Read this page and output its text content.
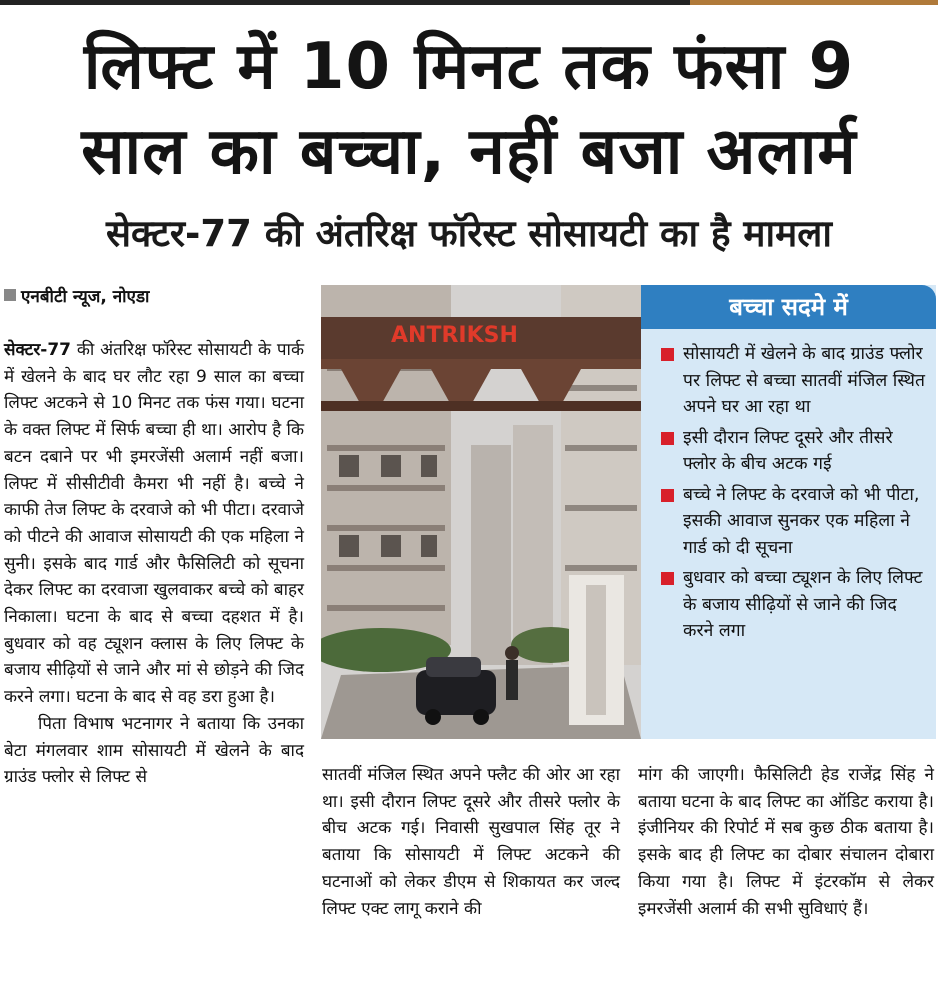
लिफ्ट में 10 मिनट तक फंसा 9
साल का बच्चा, नहीं बजा अलार्म
सेक्टर-77 की अंतरिक्ष फॉरेस्ट सोसायटी का है मामला
एनबीटी न्यूज, नोएडा

सेक्टर-77 की अंतरिक्ष फॉरेस्ट सोसायटी के पार्क में खेलने के बाद घर लौट रहा 9 साल का बच्चा लिफ्ट अटकने से 10 मिनट तक फंस गया। घटना के वक्त लिफ्ट में सिर्फ बच्चा ही था। आरोप है कि बटन दबाने पर भी इमरजेंसी अलार्म नहीं बजा। लिफ्ट में सीसीटीवी कैमरा भी नहीं है। बच्चे ने काफी तेज लिफ्ट के दरवाजे को भी पीटा। दरवाजे को पीटने की आवाज सोसायटी की एक महिला ने सुनी। इसके बाद गार्ड और फैसिलिटी को सूचना देकर लिफ्ट का दरवाजा खुलवाकर बच्चे को बाहर निकाला। घटना के बाद से बच्चा दहशत में है। बुधवार को वह ट्यूशन क्लास के लिए लिफ्ट के बजाय सीढ़ियों से जाने और मां से छोड़ने की जिद करने लगा। घटना के बाद से वह डरा हुआ है।

पिता विभाष भटनागर ने बताया कि उनका बेटा मंगलवार शाम सोसायटी में खेलने के बाद ग्राउंड फ्लोर से लिफ्ट से

ANTRIKSH
बच्चा सदमे में
सोसायटी में खेलने के बाद ग्राउंड फ्लोर पर लिफ्ट से बच्चा सातवीं मंजिल स्थित अपने घर आ रहा था
इसी दौरान लिफ्ट दूसरे और तीसरे फ्लोर के बीच अटक गई
बच्चे ने लिफ्ट के दरवाजे को भी पीटा, इसकी आवाज सुनकर एक महिला ने गार्ड को दी सूचना
बुधवार को बच्चा ट्यूशन के लिए लिफ्ट के बजाय सीढ़ियों से जाने की जिद करने लगा

सातवीं मंजिल स्थित अपने फ्लैट की ओर आ रहा था। इसी दौरान लिफ्ट दूसरे और तीसरे फ्लोर के बीच अटक गई। निवासी सुखपाल सिंह तूर ने बताया कि सोसायटी में लिफ्ट अटकने की घटनाओं को लेकर डीएम से शिकायत कर जल्द लिफ्ट एक्ट लागू कराने की

मांग की जाएगी। फैसिलिटी हेड राजेंद्र सिंह ने बताया घटना के बाद लिफ्ट का ऑडिट कराया है। इंजीनियर की रिपोर्ट में सब कुछ ठीक बताया है। इसके बाद ही लिफ्ट का दोबार संचालन दोबारा किया गया है। लिफ्ट में इंटरकॉम से लेकर इमरजेंसी अलार्म की सभी सुविधाएं हैं।
